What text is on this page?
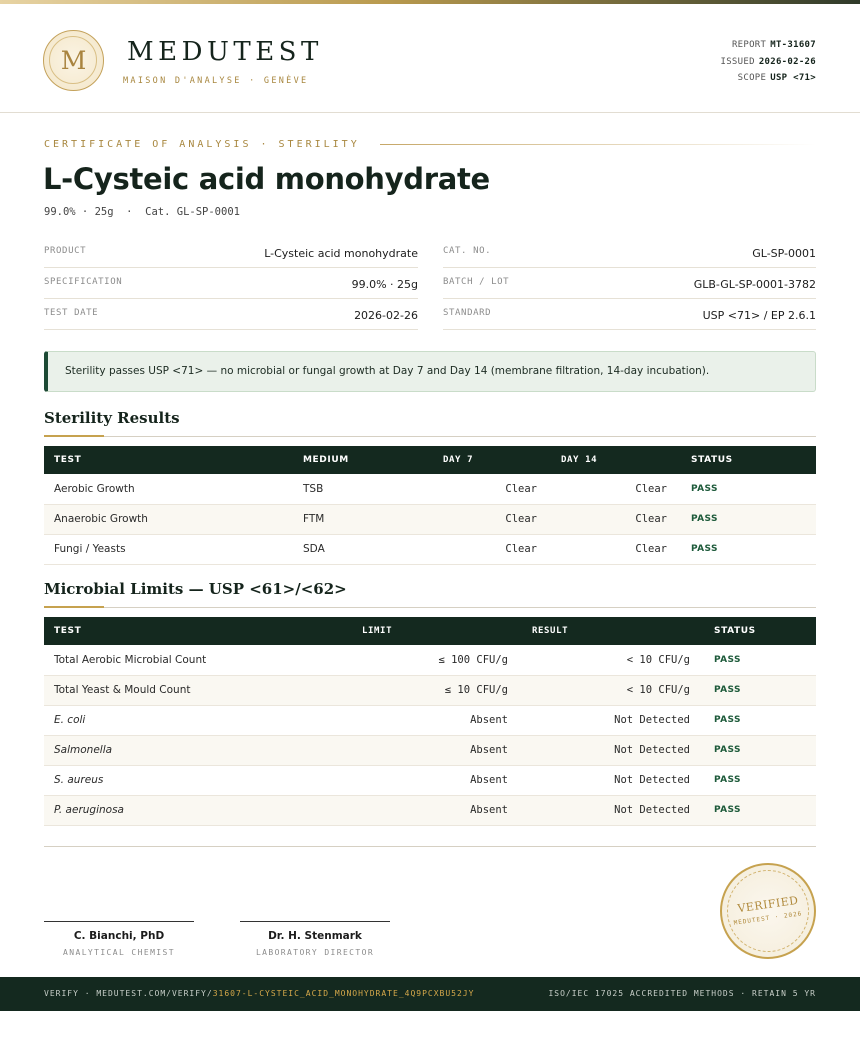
M	MEDUTEST
MAISON D'ANALYSE · GENÈVE
REPORT MT-31607
ISSUED 2026-02-26
SCOPE USP <71>
CERTIFICATE OF ANALYSIS · STERILITY
L-Cysteic acid monohydrate
99.0% · 25g  ·  Cat. GL-SP-0001
PRODUCT	L-Cysteic acid monohydrate
SPECIFICATION	99.0% · 25g
TEST DATE	2026-02-26
CAT. NO.	GL-SP-0001
BATCH / LOT	GLB-GL-SP-0001-3782
STANDARD	USP <71> / EP 2.6.1
Sterility passes USP <71> — no microbial or fungal growth at Day 7 and Day 14 (membrane filtration, 14-day incubation).
Sterility Results
TEST	MEDIUM	DAY 7	DAY 14	STATUS
Aerobic Growth	TSB	Clear	Clear	PASS
Anaerobic Growth	FTM	Clear	Clear	PASS
Fungi / Yeasts	SDA	Clear	Clear	PASS
Microbial Limits — USP <61>/<62>
TEST	LIMIT	RESULT	STATUS
Total Aerobic Microbial Count	≤ 100 CFU/g	< 10 CFU/g	PASS
Total Yeast & Mould Count	≤ 10 CFU/g	< 10 CFU/g	PASS
E. coli	Absent	Not Detected	PASS
Salmonella	Absent	Not Detected	PASS
S. aureus	Absent	Not Detected	PASS
P. aeruginosa	Absent	Not Detected	PASS
C. Bianchi, PhD
ANALYTICAL CHEMIST
Dr. H. Stenmark
LABORATORY DIRECTOR
VERIFIED
MEDUTEST · 2026
VERIFY · MEDUTEST.COM/VERIFY/31607-L-CYSTEIC_ACID_MONOHYDRATE_4Q9PCXBU52JY	ISO/IEC 17025 ACCREDITED METHODS · RETAIN 5 YR
